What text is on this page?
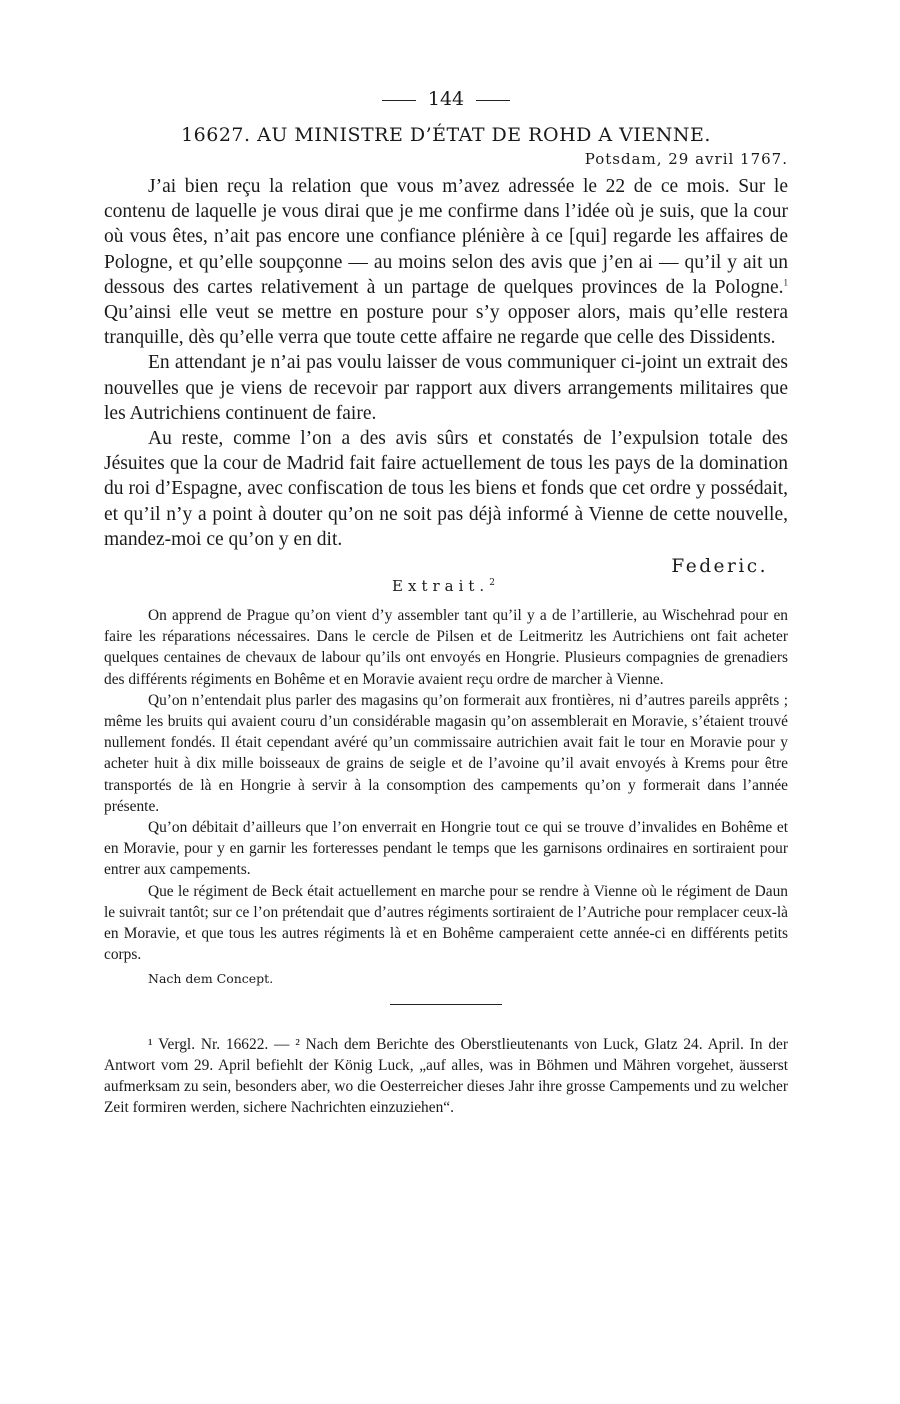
144
16627. AU MINISTRE D’ÉTAT DE ROHD A VIENNE.
Potsdam, 29 avril 1767.

J’ai bien reçu la relation que vous m’avez adressée le 22 de ce mois. Sur le contenu de laquelle je vous dirai que je me confirme dans l’idée où je suis, que la cour où vous êtes, n’ait pas encore une confiance plénière à ce [qui] regarde les affaires de Pologne, et qu’elle soupçonne — au moins selon des avis que j’en ai — qu’il y ait un dessous des cartes relativement à un partage de quelques provinces de la Pologne.$^1$ Qu’ainsi elle veut se mettre en posture pour s’y opposer alors, mais qu’elle restera tranquille, dès qu’elle verra que toute cette affaire ne regarde que celle des Dissidents.

En attendant je n’ai pas voulu laisser de vous communiquer ci-joint un extrait des nouvelles que je viens de recevoir par rapport aux divers arrangements militaires que les Autrichiens continuent de faire.

Au reste, comme l’on a des avis sûrs et constatés de l’expulsion totale des Jésuites que la cour de Madrid fait faire actuellement de tous les pays de la domination du roi d’Espagne, avec confiscation de tous les biens et fonds que cet ordre y possédait, et qu’il n’y a point à douter qu’on ne soit pas déjà informé à Vienne de cette nouvelle, mandez-moi ce qu’on y en dit.

Federic.
Extrait.$^2$

On apprend de Prague qu’on vient d’y assembler tant qu’il y a de l’artillerie, au Wischehrad pour en faire les réparations nécessaires. Dans le cercle de Pilsen et de Leitmeritz les Autrichiens ont fait acheter quelques centaines de chevaux de labour qu’ils ont envoyés en Hongrie. Plusieurs compagnies de grenadiers des différents régiments en Bohême et en Moravie avaient reçu ordre de marcher à Vienne.

Qu’on n’entendait plus parler des magasins qu’on formerait aux frontières, ni d’autres pareils apprêts ; même les bruits qui avaient couru d’un considérable magasin qu’on assemblerait en Moravie, s’étaient trouvé nullement fondés. Il était cependant avéré qu’un commissaire autrichien avait fait le tour en Moravie pour y acheter huit à dix mille boisseaux de grains de seigle et de l’avoine qu’il avait envoyés à Krems pour être transportés de là en Hongrie à servir à la consomption des campements qu’on y formerait dans l’année présente.

Qu’on débitait d’ailleurs que l’on enverrait en Hongrie tout ce qui se trouve d’invalides en Bohême et en Moravie, pour y en garnir les forteresses pendant le temps que les garnisons ordinaires en sortiraient pour entrer aux campements.

Que le régiment de Beck était actuellement en marche pour se rendre à Vienne où le régiment de Daun le suivrait tantôt; sur ce l’on prétendait que d’autres régiments sortiraient de l’Autriche pour remplacer ceux-là en Moravie, et que tous les autres régiments là et en Bohême camperaient cette année-ci en différents petits corps.

Nach dem Concept.

¹ Vergl. Nr. 16622. — ² Nach dem Berichte des Oberstlieutenants von Luck, Glatz 24. April. In der Antwort vom 29. April befiehlt der König Luck, „auf alles, was in Böhmen und Mähren vorgehet, äusserst aufmerksam zu sein, besonders aber, wo die Oesterreicher dieses Jahr ihre grosse Campements und zu welcher Zeit formiren werden, sichere Nachrichten einzuziehen“.
